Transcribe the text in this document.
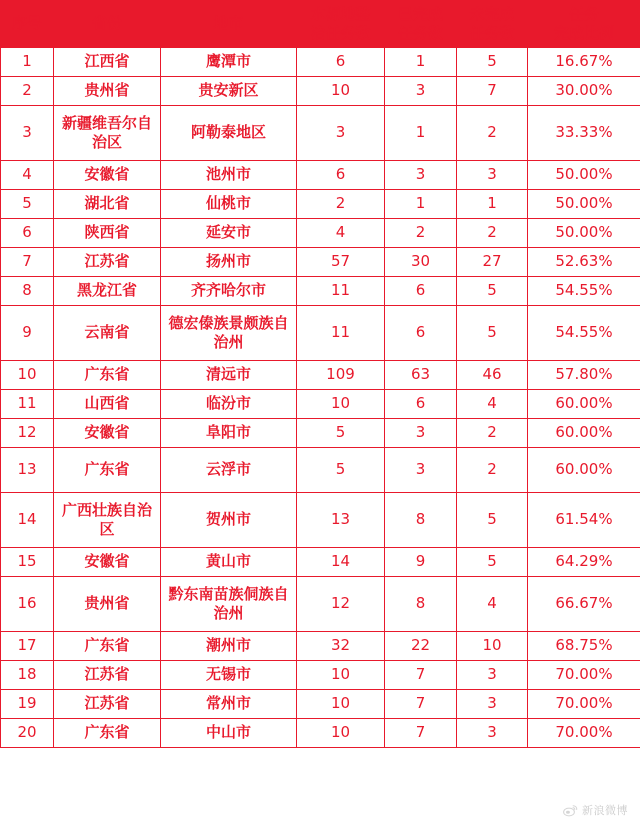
序号	省份	地市

水源地整
治任务数

已完成
任务数

未完成
任务数

任务
完成比例

1	江西省	鹰潭市	6	1	5	16.67%
2	贵州省	贵安新区	10	3	7	30.00%
3	新疆维吾尔自治区	阿勒泰地区	3	1	2	33.33%
4	安徽省	池州市	6	3	3	50.00%
5	湖北省	仙桃市	2	1	1	50.00%
6	陕西省	延安市	4	2	2	50.00%
7	江苏省	扬州市	57	30	27	52.63%
8	黑龙江省	齐齐哈尔市	11	6	5	54.55%
9	云南省	德宏傣族景颇族自治州	11	6	5	54.55%
10	广东省	清远市	109	63	46	57.80%
11	山西省	临汾市	10	6	4	60.00%
12	安徽省	阜阳市	5	3	2	60.00%
13	广东省	云浮市	5	3	2	60.00%
14	广西壮族自治区	贺州市	13	8	5	61.54%
15	安徽省	黄山市	14	9	5	64.29%
16	贵州省	黔东南苗族侗族自治州	12	8	4	66.67%
17	广东省	潮州市	32	22	10	68.75%
18	江苏省	无锡市	10	7	3	70.00%
19	江苏省	常州市	10	7	3	70.00%
20	广东省	中山市	10	7	3	70.00%
新浪微博
